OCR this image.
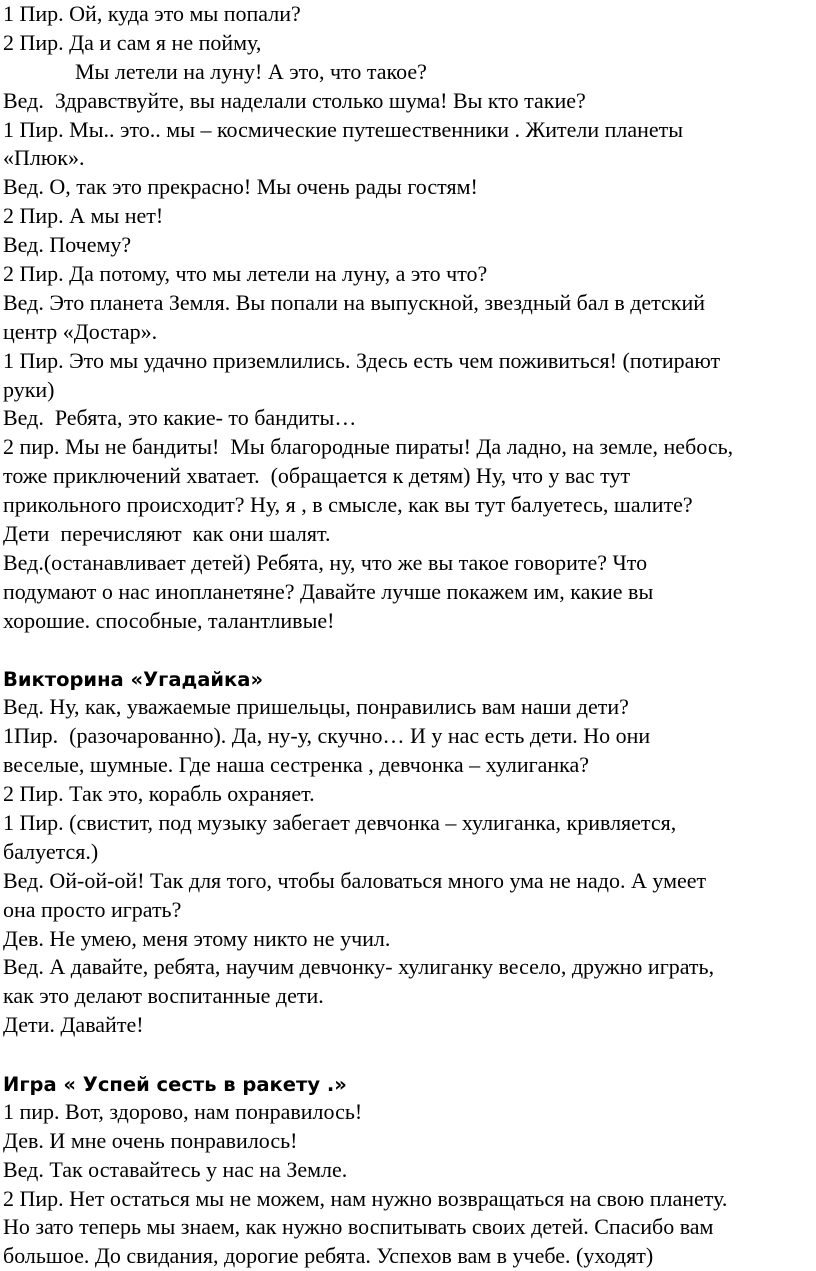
1 Пир. Ой, куда это мы попали?
2 Пир. Да и сам я не пойму,
Мы летели на луну! А это, что такое?
Вед.  Здравствуйте, вы наделали столько шума! Вы кто такие?
1 Пир. Мы.. это.. мы – космические путешественники . Жители планеты
«Плюк».
Вед. О, так это прекрасно! Мы очень рады гостям!
2 Пир. А мы нет!
Вед. Почему?
2 Пир. Да потому, что мы летели на луну, а это что?
Вед. Это планета Земля. Вы попали на выпускной, звездный бал в детский
центр «Достар».
1 Пир. Это мы удачно приземлились. Здесь есть чем поживиться! (потирают
руки)
Вед.  Ребята, это какие- то бандиты…
2 пир. Мы не бандиты!  Мы благородные пираты! Да ладно, на земле, небось,
тоже приключений хватает.  (обращается к детям) Ну, что у вас тут
прикольного происходит? Ну, я , в смысле, как вы тут балуетесь, шалите?
Дети  перечисляют  как они шалят.
Вед.(останавливает детей) Ребята, ну, что же вы такое говорите? Что
подумают о нас инопланетяне? Давайте лучше покажем им, какие вы
хорошие. способные, талантливые!
Викторина «Угадайка»
Вед. Ну, как, уважаемые пришельцы, понравились вам наши дети?
1Пир.  (разочарованно). Да, ну-у, скучно… И у нас есть дети. Но они
веселые, шумные. Где наша сестренка , девчонка – хулиганка?
2 Пир. Так это, корабль охраняет.
1 Пир. (свистит, под музыку забегает девчонка – хулиганка, кривляется,
балуется.)
Вед. Ой-ой-ой! Так для того, чтобы баловаться много ума не надо. А умеет
она просто играть?
Дев. Не умею, меня этому никто не учил.
Вед. А давайте, ребята, научим девчонку- хулиганку весело, дружно играть,
как это делают воспитанные дети.
Дети. Давайте!
Игра « Успей сесть в ракету .»
1 пир. Вот, здорово, нам понравилось!
Дев. И мне очень понравилось!
Вед. Так оставайтесь у нас на Земле.
2 Пир. Нет остаться мы не можем, нам нужно возвращаться на свою планету.
Но зато теперь мы знаем, как нужно воспитывать своих детей. Спасибо вам
большое. До свидания, дорогие ребята. Успехов вам в учебе. (уходят)
